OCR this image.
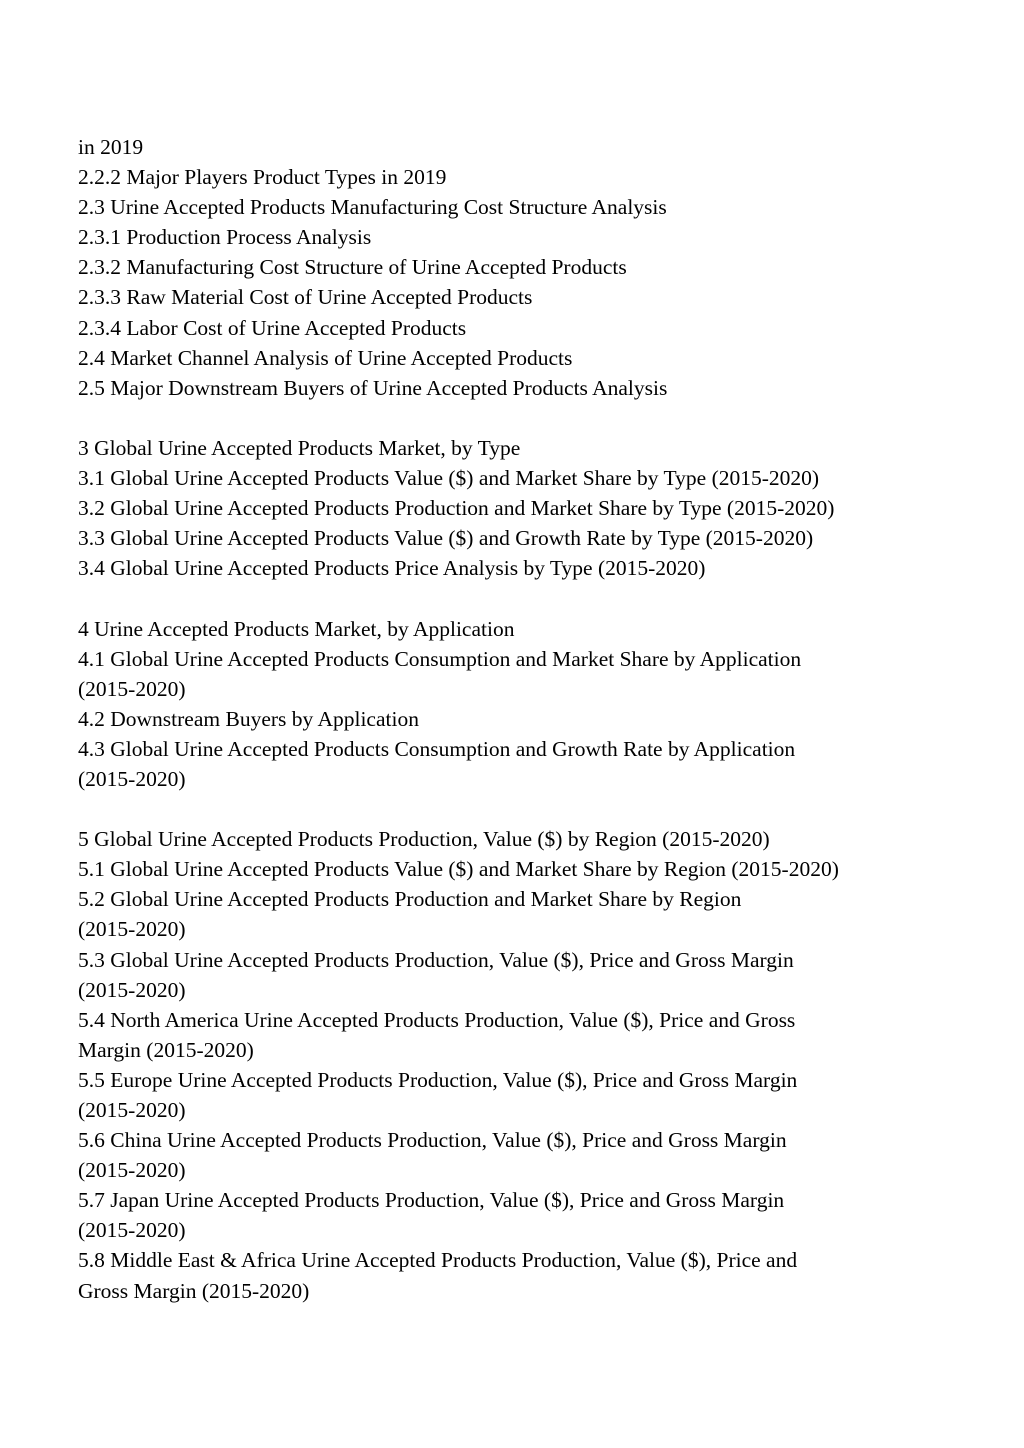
in 2019
2.2.2 Major Players Product Types in 2019
2.3 Urine Accepted Products Manufacturing Cost Structure Analysis
2.3.1 Production Process Analysis
2.3.2 Manufacturing Cost Structure of Urine Accepted Products
2.3.3 Raw Material Cost of Urine Accepted Products
2.3.4 Labor Cost of Urine Accepted Products
2.4 Market Channel Analysis of Urine Accepted Products
2.5 Major Downstream Buyers of Urine Accepted Products Analysis
3 Global Urine Accepted Products Market, by Type
3.1 Global Urine Accepted Products Value ($) and Market Share by Type (2015-2020)
3.2 Global Urine Accepted Products Production and Market Share by Type (2015-2020)
3.3 Global Urine Accepted Products Value ($) and Growth Rate by Type (2015-2020)
3.4 Global Urine Accepted Products Price Analysis by Type (2015-2020)
4 Urine Accepted Products Market, by Application
4.1 Global Urine Accepted Products Consumption and Market Share by Application
(2015-2020)
4.2 Downstream Buyers by Application
4.3 Global Urine Accepted Products Consumption and Growth Rate by Application
(2015-2020)
5 Global Urine Accepted Products Production, Value ($) by Region (2015-2020)
5.1 Global Urine Accepted Products Value ($) and Market Share by Region (2015-2020)
5.2 Global Urine Accepted Products Production and Market Share by Region
(2015-2020)
5.3 Global Urine Accepted Products Production, Value ($), Price and Gross Margin
(2015-2020)
5.4 North America Urine Accepted Products Production, Value ($), Price and Gross
Margin (2015-2020)
5.5 Europe Urine Accepted Products Production, Value ($), Price and Gross Margin
(2015-2020)
5.6 China Urine Accepted Products Production, Value ($), Price and Gross Margin
(2015-2020)
5.7 Japan Urine Accepted Products Production, Value ($), Price and Gross Margin
(2015-2020)
5.8 Middle East & Africa Urine Accepted Products Production, Value ($), Price and
Gross Margin (2015-2020)
